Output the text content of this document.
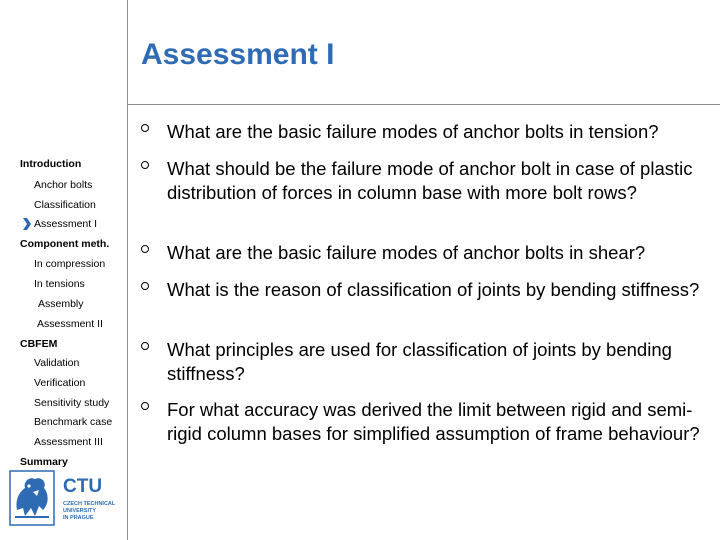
Assessment I
Introduction
Anchor bolts
Classification
Assessment I
Component meth.
In compression
In tensions
Assembly
Assessment II
CBFEM
Validation
Verification
Sensitivity study
Benchmark case
Assessment III
Summary
What are the basic failure modes of anchor bolts in tension?
What should be the failure mode of anchor bolt in case of plastic distribution of forces in column base with more bolt rows?
What are the basic failure modes of anchor bolts in shear?
What is the reason of classification of joints by bending stiffness?
What principles are used for classification of joints by bending stiffness?
For what accuracy was derived the limit between rigid and semi-rigid column bases for simplified assumption of frame behaviour?
CTU
CZECH TECHNICAL
UNIVERSITY
IN PRAGUE
